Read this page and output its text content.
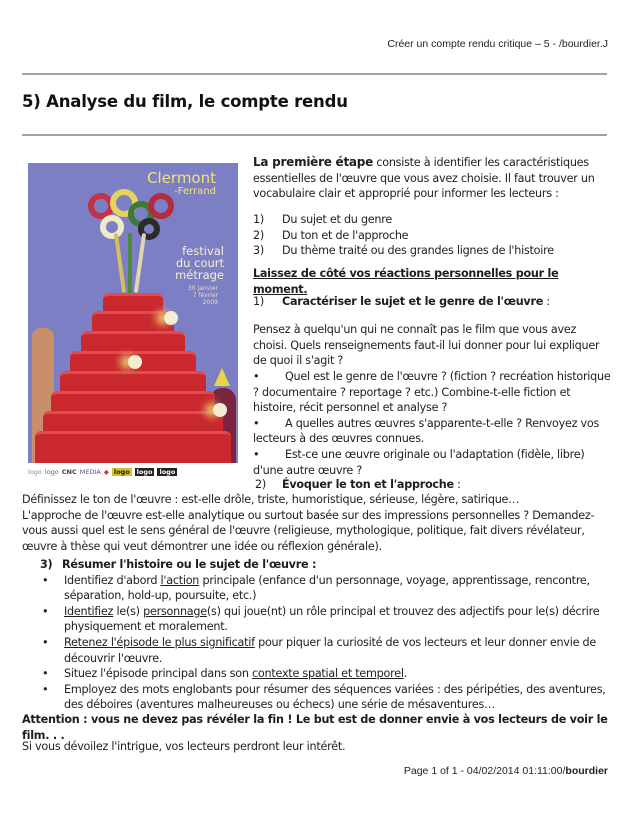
Créer un compte rendu critique – 5 - /bourdier.J
5) Analyse du film, le compte rendu
Clermont
-Ferrand
festival
du court
métrage
30 janvier
7 février
2009
logo logo CNC MEDIA ◆ logo	logo	logo
La première étape consiste à identifier les caractéristiques essentielles de l'œuvre que vous avez choisie. Il faut trouver un vocabulaire clair et approprié pour informer les lecteurs :
1)	Du sujet et du genre
2)	Du ton et de l'approche
3)	Du thème traité ou des grandes lignes de l'histoire
Laissez de côté vos réactions personnelles pour le moment.
1) Caractériser le sujet et le genre de l'œuvre :
Pensez à quelqu'un qui ne connaît pas le film que vous avez choisi. Quels renseignements faut-il lui donner pour lui expliquer de quoi il s'agit ?
• Quel est le genre de l'œuvre ? (fiction ? recréation historique ? documentaire ? reportage ? etc.) Combine-t-elle fiction et histoire, récit personnel et analyse ?
• A quelles autres œuvres s'apparente-t-elle ? Renvoyez vos lecteurs à des œuvres connues.
• Est-ce une œuvre originale ou l'adaptation (fidèle, libre) d'une autre œuvre ?
2) Évoquer le ton et l'approche :
Définissez le ton de l'œuvre : est-elle drôle, triste, humoristique, sérieuse, légère, satirique…
L'approche de l'œuvre est-elle analytique ou surtout basée sur des impressions personnelles ? Demandez-vous aussi quel est le sens général de l'œuvre (religieuse, mythologique, politique, fait divers révélateur, œuvre à thèse qui veut démontrer une idée ou réflexion générale).
3) Résumer l'histoire ou le sujet de l'œuvre :
•	Identifiez d'abord l'action principale (enfance d'un personnage, voyage, apprentissage, rencontre, séparation, hold-up, poursuite, etc.)
•	Identifiez le(s) personnage(s) qui joue(nt) un rôle principal et trouvez des adjectifs pour le(s) décrire physiquement et moralement.
•	Retenez l'épisode le plus significatif pour piquer la curiosité de vos lecteurs et leur donner envie de découvrir l'œuvre.
•	Situez l'épisode principal dans son contexte spatial et temporel.
•	Employez des mots englobants pour résumer des séquences variées : des péripéties, des aventures, des déboires (aventures malheureuses ou échecs) une série de mésaventures…
Attention : vous ne devez pas révéler la fin ! Le but est de donner envie à vos lecteurs de voir le film. . .
Si vous dévoilez l'intrigue, vos lecteurs perdront leur intérêt.
Page 1 of 1 - 04/02/2014 01:11:00/bourdier
